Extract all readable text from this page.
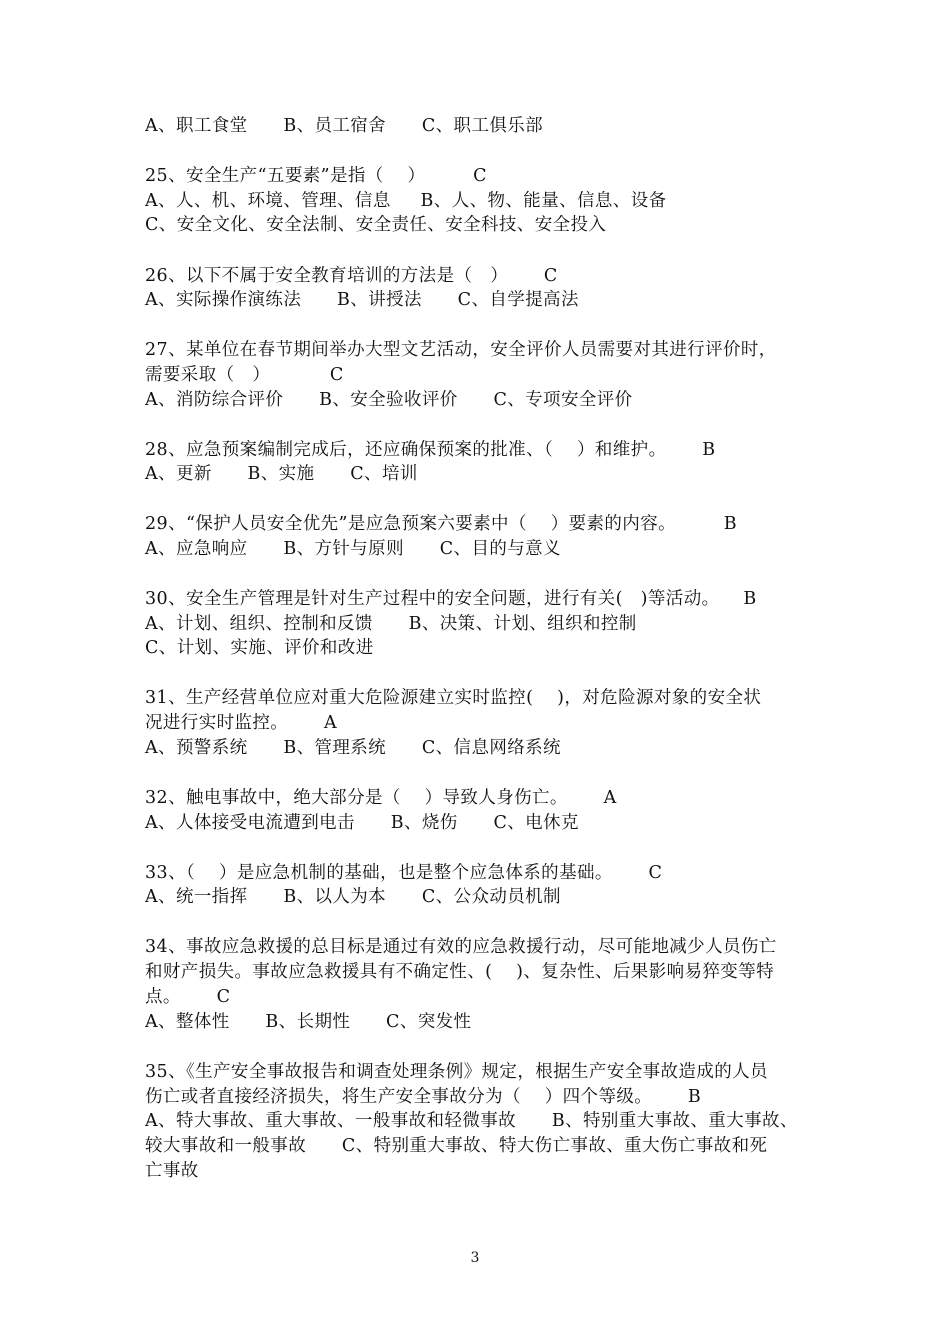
A、职工食堂      B、员工宿舍      C、职工俱乐部
25、安全生产“五要素”是指（    ）        C
A、人、机、环境、管理、信息     B、人、物、能量、信息、设备
C、安全文化、安全法制、安全责任、安全科技、安全投入
26、以下不属于安全教育培训的方法是（   ）      C
A、实际操作演练法      B、讲授法      C、自学提高法
27、某单位在春节期间举办大型文艺活动，安全评价人员需要对其进行评价时，
需要采取（   ）          C
A、消防综合评价      B、安全验收评价      C、专项安全评价
28、应急预案编制完成后，还应确保预案的批准、（    ）和维护。      B
A、更新      B、实施      C、培训
29、“保护人员安全优先”是应急预案六要素中（    ）要素的内容。        B
A、应急响应      B、方针与原则      C、目的与意义
30、安全生产管理是针对生产过程中的安全问题，进行有关(   )等活动。    B
A、计划、组织、控制和反馈      B、决策、计划、组织和控制
C、计划、实施、评价和改进
31、生产经营单位应对重大危险源建立实时监控(    )，对危险源对象的安全状
况进行实时监控。      A
A、预警系统      B、管理系统      C、信息网络系统
32、触电事故中，绝大部分是（    ）导致人身伤亡。      A
A、人体接受电流遭到电击      B、烧伤      C、电休克
33、（    ）是应急机制的基础，也是整个应急体系的基础。      C
A、统一指挥      B、以人为本      C、公众动员机制
34、事故应急救援的总目标是通过有效的应急救援行动，尽可能地减少人员伤亡
和财产损失。事故应急救援具有不确定性、(    )、复杂性、后果影响易猝变等特
点。      C
A、整体性      B、长期性      C、突发性
35、《生产安全事故报告和调查处理条例》规定，根据生产安全事故造成的人员
伤亡或者直接经济损失，将生产安全事故分为（    ）四个等级。      B
A、特大事故、重大事故、一般事故和轻微事故      B、特别重大事故、重大事故、
较大事故和一般事故      C、特别重大事故、特大伤亡事故、重大伤亡事故和死
亡事故
3
